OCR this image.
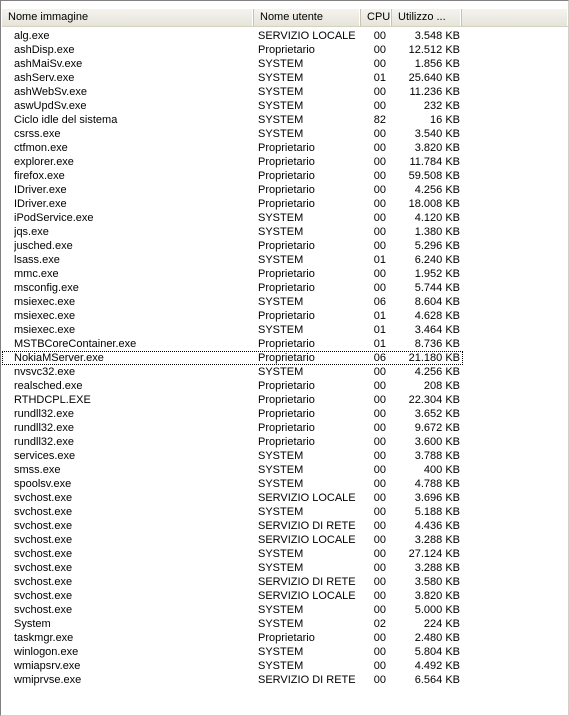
Nome immagine	Nome utente	CPU Utilizzo ...
alg.exe	SERVIZIO LOCALE	00	3.548 KB
ashDisp.exe	Proprietario	00	12.512 KB
ashMaiSv.exe	SYSTEM	00	1.856 KB
ashServ.exe	SYSTEM	01	25.640 KB
ashWebSv.exe	SYSTEM	00	11.236 KB
aswUpdSv.exe	SYSTEM	00	232 KB
Ciclo idle del sistema	SYSTEM	82	16 KB
csrss.exe	SYSTEM	00	3.540 KB
ctfmon.exe	Proprietario	00	3.820 KB
explorer.exe	Proprietario	00	11.784 KB
firefox.exe	Proprietario	00	59.508 KB
IDriver.exe	Proprietario	00	4.256 KB
IDriver.exe	Proprietario	00	18.008 KB
iPodService.exe	SYSTEM	00	4.120 KB
jqs.exe	SYSTEM	00	1.380 KB
jusched.exe	Proprietario	00	5.296 KB
lsass.exe	SYSTEM	01	6.240 KB
mmc.exe	Proprietario	00	1.952 KB
msconfig.exe	Proprietario	00	5.744 KB
msiexec.exe	SYSTEM	06	8.604 KB
msiexec.exe	Proprietario	01	4.628 KB
msiexec.exe	SYSTEM	01	3.464 KB
MSTBCoreContainer.exe	Proprietario	01	8.736 KB
NokiaMServer.exe	Proprietario	06	21.180 KB
nvsvc32.exe	SYSTEM	00	4.256 KB
realsched.exe	Proprietario	00	208 KB
RTHDCPL.EXE	Proprietario	00	22.304 KB
rundll32.exe	Proprietario	00	3.652 KB
rundll32.exe	Proprietario	00	9.672 KB
rundll32.exe	Proprietario	00	3.600 KB
services.exe	SYSTEM	00	3.788 KB
smss.exe	SYSTEM	00	400 KB
spoolsv.exe	SYSTEM	00	4.788 KB
svchost.exe	SERVIZIO LOCALE	00	3.696 KB
svchost.exe	SYSTEM	00	5.188 KB
svchost.exe	SERVIZIO DI RETE	00	4.436 KB
svchost.exe	SERVIZIO LOCALE	00	3.288 KB
svchost.exe	SYSTEM	00	27.124 KB
svchost.exe	SYSTEM	00	3.288 KB
svchost.exe	SERVIZIO DI RETE	00	3.580 KB
svchost.exe	SERVIZIO LOCALE	00	3.820 KB
svchost.exe	SYSTEM	00	5.000 KB
System	SYSTEM	02	224 KB
taskmgr.exe	Proprietario	00	2.480 KB
winlogon.exe	SYSTEM	00	5.804 KB
wmiapsrv.exe	SYSTEM	00	4.492 KB
wmiprvse.exe	SERVIZIO DI RETE	00	6.564 KB
